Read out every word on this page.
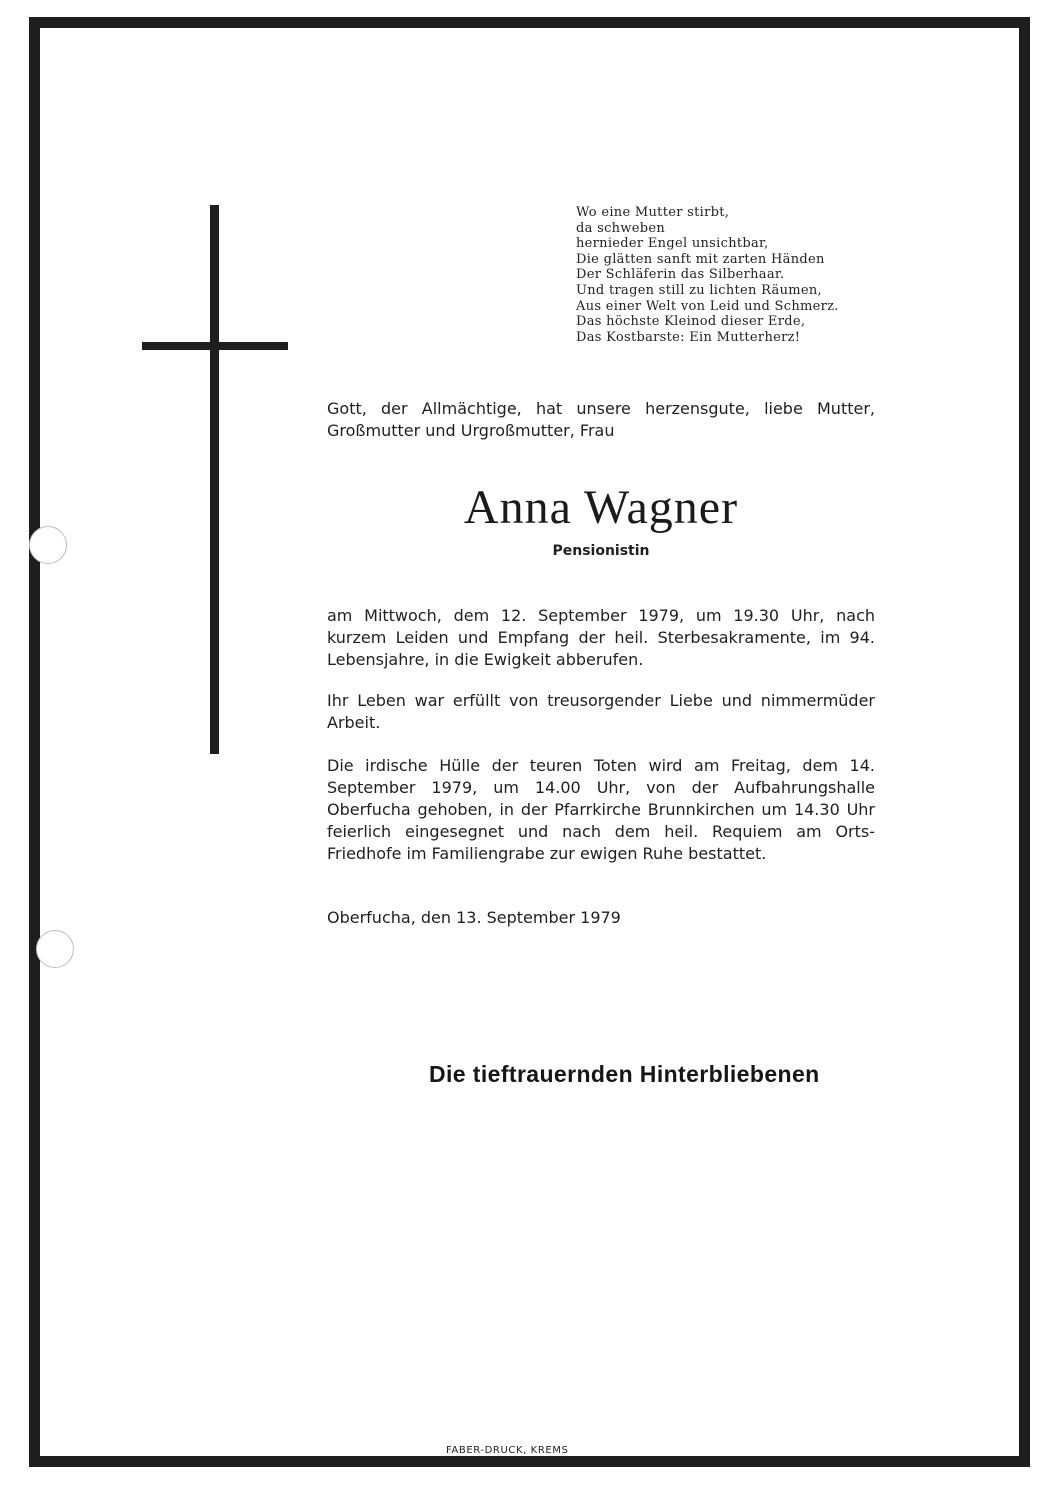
Wo eine Mutter stirbt,
da schweben
hernieder Engel unsichtbar,
Die glätten sanft mit zarten Händen
Der Schläferin das Silberhaar.
Und tragen still zu lichten Räumen,
Aus einer Welt von Leid und Schmerz.
Das höchste Kleinod dieser Erde,
Das Kostbarste: Ein Mutterherz!

Gott, der Allmächtige, hat unsere herzensgute, liebe Mutter, Großmutter und Urgroßmutter, Frau

Anna Wagner
Pensionistin

am Mittwoch, dem 12. September 1979, um 19.30 Uhr, nach kurzem Leiden und Empfang der heil. Sterbesakramente, im 94. Lebensjahre, in die Ewigkeit abberufen.

Ihr Leben war erfüllt von treusorgender Liebe und nimmermüder Arbeit.

Die irdische Hülle der teuren Toten wird am Freitag, dem 14. September 1979, um 14.00 Uhr, von der Aufbahrungshalle Oberfucha gehoben, in der Pfarrkirche Brunnkirchen um 14.30 Uhr feierlich eingesegnet und nach dem heil. Requiem am Orts-Friedhofe im Familiengrabe zur ewigen Ruhe bestattet.

Oberfucha, den 13. September 1979

Die tieftrauernden Hinterbliebenen
FABER-DRUCK, KREMS
